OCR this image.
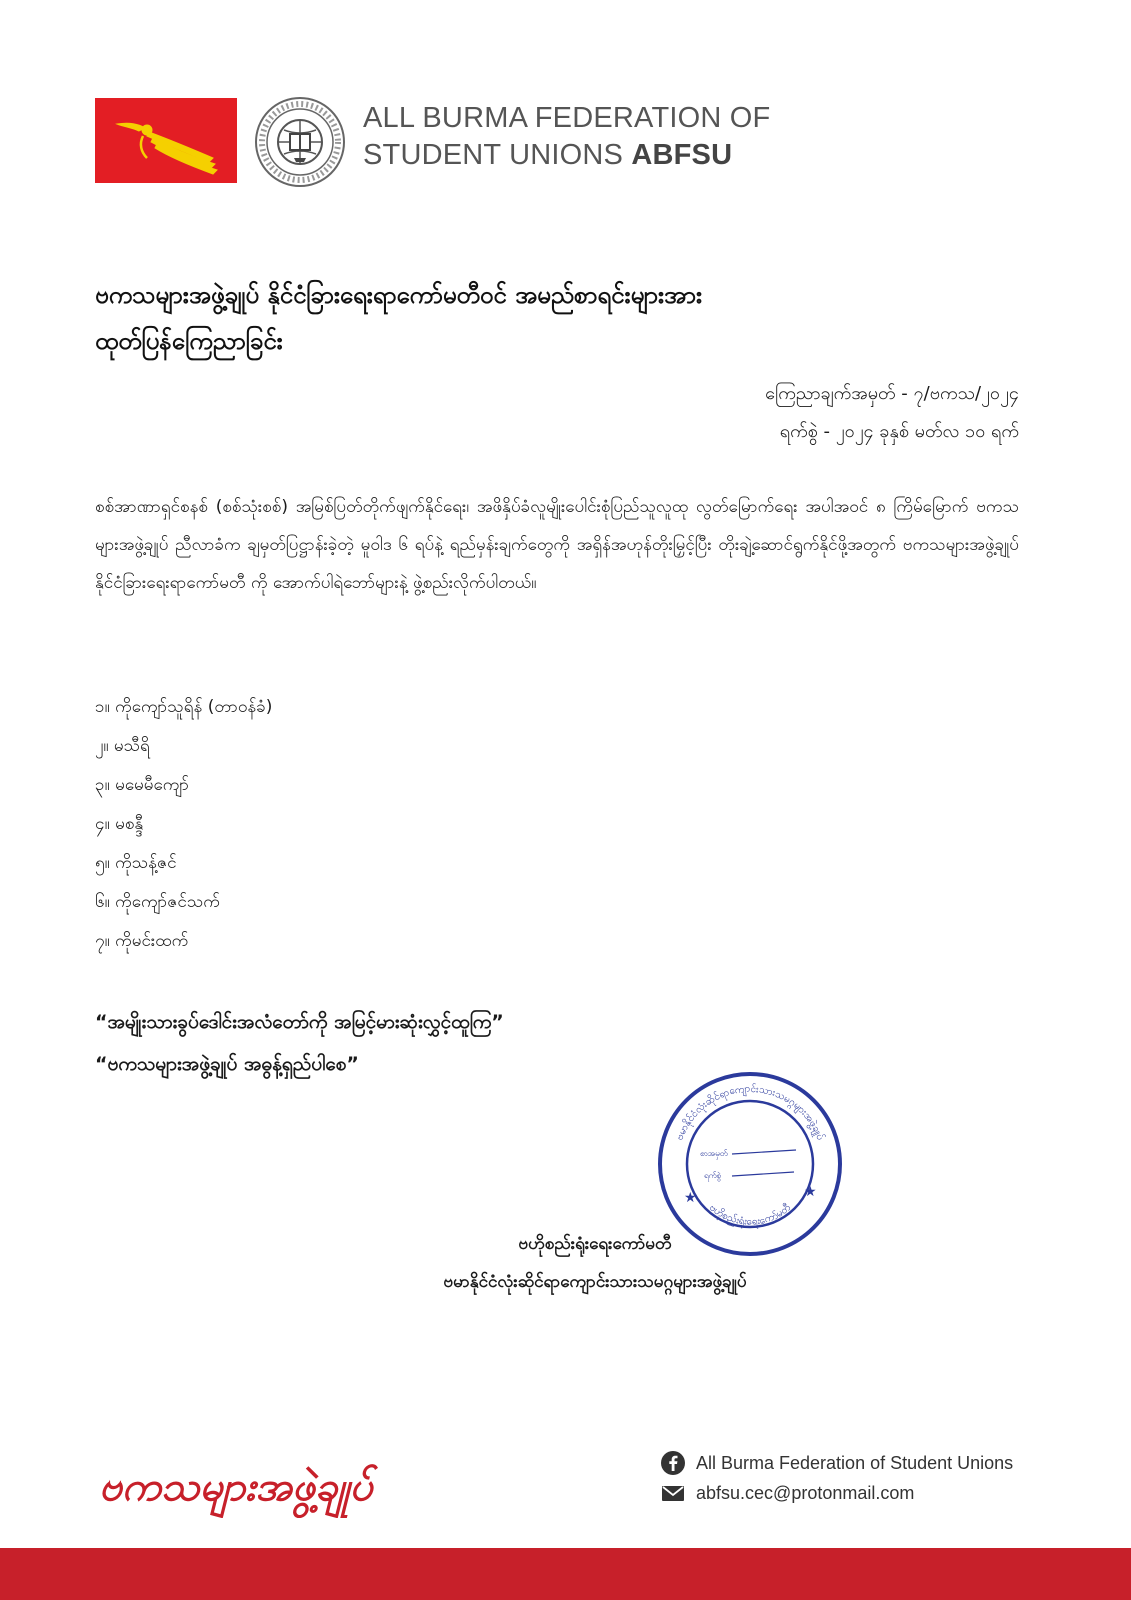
ALL BURMA FEDERATION OF
STUDENT UNIONS ABFSU
ဗကသများအဖွဲ့ချုပ် နိုင်ငံခြားရေးရာကော်မတီဝင် အမည်စာရင်းများအား
ထုတ်ပြန်ကြေညာခြင်း
ကြေညာချက်အမှတ် - ၇/ဗကသ/၂၀၂၄
ရက်စွဲ - ၂၀၂၄ ခုနှစ် မတ်လ ၁၀ ရက်
စစ်အာဏာရှင်စနစ် (စစ်သုံးစစ်) အမြစ်ပြတ်တိုက်ဖျက်နိုင်ရေး၊ အဖိနှိပ်ခံလူမျိုးပေါင်းစုံပြည်သူလူထု လွတ်မြောက်ရေး အပါအဝင် ၈ ကြိမ်မြောက် ဗကသများအဖွဲ့ချုပ် ညီလာခံက ချမှတ်ပြဋ္ဌာန်းခဲ့တဲ့ မူဝါဒ ၆ ရပ်နဲ့ ရည်မှန်းချက်တွေကို အရှိန်အဟုန်တိုးမြှင့်ပြီး တိုးချဲ့ဆောင်ရွက်နိုင်ဖို့အတွက် ဗကသများအဖွဲ့ချုပ် နိုင်ငံခြားရေးရာကော်မတီ ကို အောက်ပါရဲဘော်များနဲ့ ဖွဲ့စည်းလိုက်ပါတယ်။
၁။ ကိုကျော်သူရိန် (တာဝန်ခံ)
၂။ မသီရိ
၃။ မမေမီကျော်
၄။ မစန္ဒီ
၅။ ကိုသန့်ဇင်
၆။ ကိုကျော်ဇင်သက်
၇။ ကိုမင်းထက်
“အမျိုးသားခွပ်ဒေါင်းအလံတော်ကို အမြင့်မားဆုံးလွှင့်ထူကြ”
“ဗကသများအဖွဲ့ချုပ် အဓွန့်ရှည်ပါစေ”
ဗမာနိုင်ငံလုံးဆိုင်ရာကျောင်းသားသမဂ္ဂများအဖွဲ့ချုပ်
ဗဟိုစည်းရုံးရေးကော်မတီ
စာအမှတ်
ရက်စွဲ
★	★
ဗဟိုစည်းရုံးရေးကော်မတီ
ဗမာနိုင်ငံလုံးဆိုင်ရာကျောင်းသားသမဂ္ဂများအဖွဲ့ချုပ်
ဗကသများအဖွဲ့ချုပ်
All Burma Federation of Student Unions
abfsu.cec@protonmail.com
